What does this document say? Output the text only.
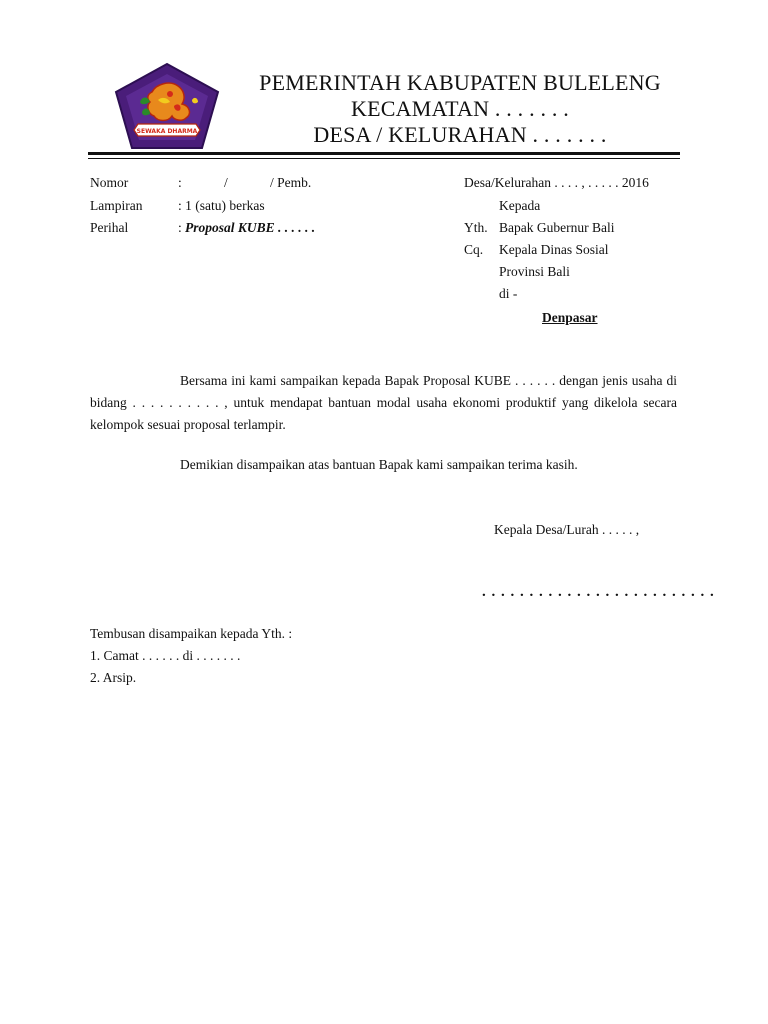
SEWAKA DHARMA
PEMERINTAH KABUPATEN BULELENG
KECAMATAN . . . . . . .
DESA / KELURAHAN . . . . . . .
Nomor	:	/	/ Pemb.
Lampiran	: 1 (satu) berkas
Perihal	: Proposal KUBE . . . . . .
Desa/Kelurahan . . . . , . . . . . 2016
Kepada
Yth. Bapak Gubernur Bali
Cq. Kepala Dinas Sosial
Provinsi Bali
di -
Denpasar

Bersama ini kami sampaikan kepada Bapak Proposal KUBE . . . . . . dengan jenis usaha di bidang . . . . . . . . . . , untuk mendapat bantuan modal usaha ekonomi produktif yang dikelola secara kelompok sesuai proposal terlampir.

Demikian disampaikan atas bantuan Bapak kami sampaikan terima kasih.

Kepala Desa/Lurah . . . . . ,
. . . . . . . . . . . . . . . . . . . . . . . . .
Tembusan disampaikan kepada Yth. :
1. Camat . . . . . . di . . . . . . .
2. Arsip.
